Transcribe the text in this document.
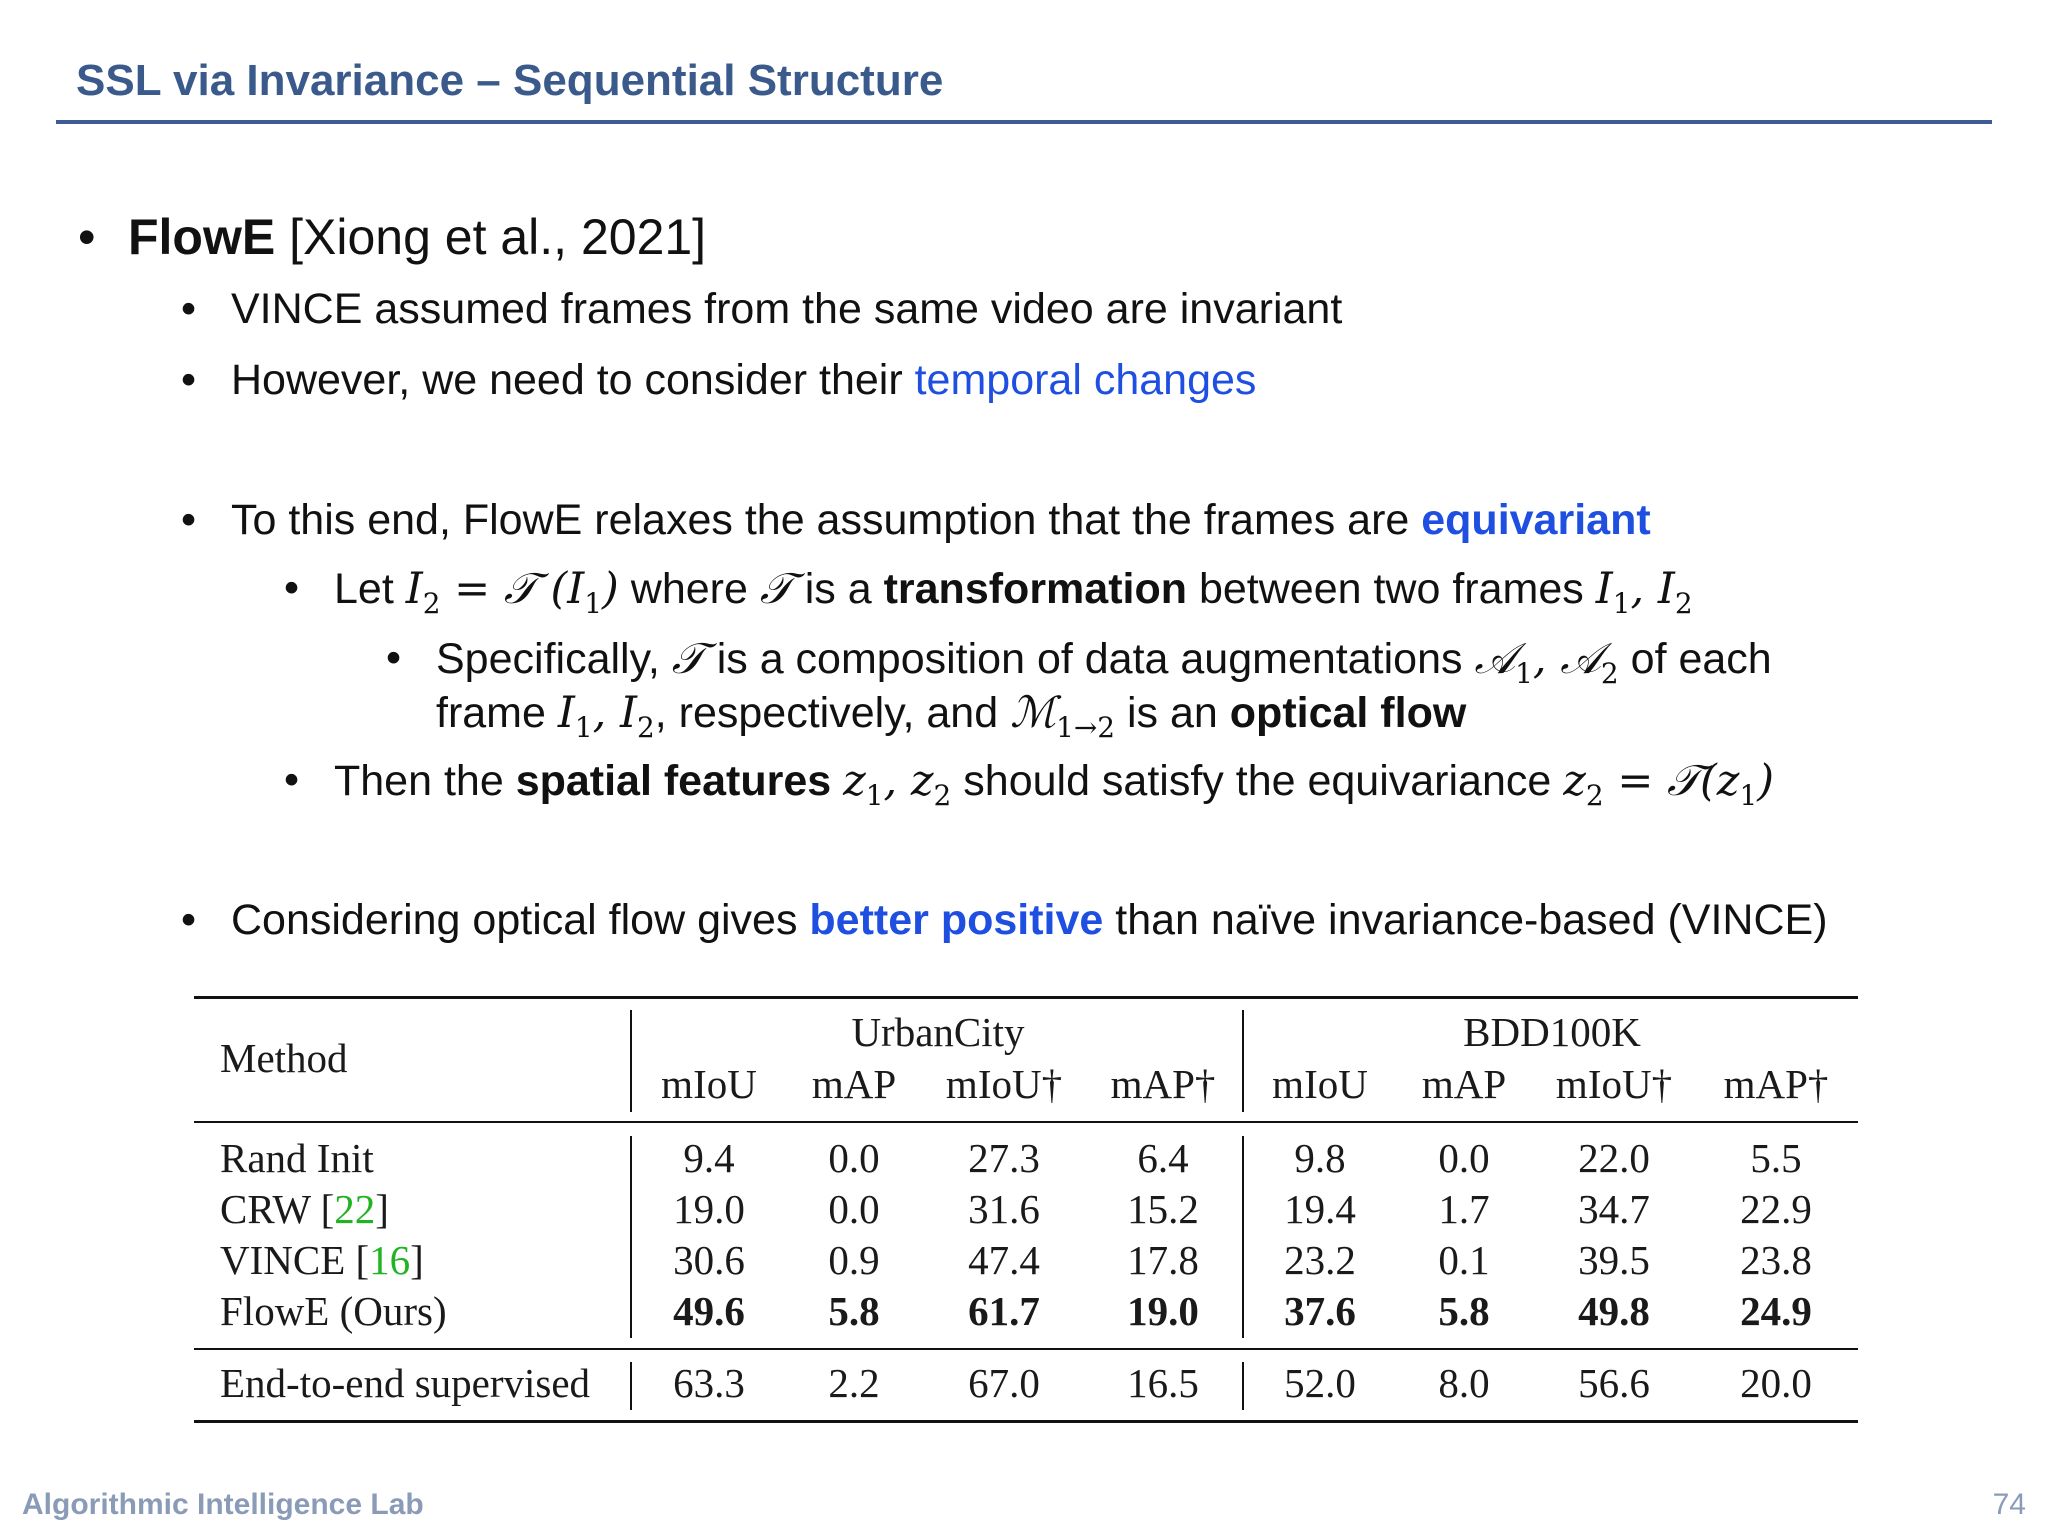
SSL via Invariance – Sequential Structure
• FlowE [Xiong et al., 2021]
• VINCE assumed frames from the same video are invariant
• However, we need to consider their temporal changes
• To this end, FlowE relaxes the assumption that the frames are equivariant
• Let $I_2$ = 𝒯 $(I_1)$ where 𝒯 is a transformation between two frames $I_1$, $I_2$
• Specifically, 𝒯 is a composition of data augmentations 𝒜$_1$, 𝒜$_2$ of each
frame $I_1$, $I_2$, respectively, and ℳ$_{1\to 2}$ is an optical flow
• Then the spatial features $z_1$, $z_2$ should satisfy the equivariance $z_2$ = $𝒯(z_1)$
• Considering optical flow gives better positive than naïve invariance-based (VINCE)
Method
UrbanCity	BDD100K
mIoU	mAP	mIoU†	mAP†	mIoU	mAP	mIoU†	mAP†
Rand Init	9.4	0.0	27.3	6.4	9.8	0.0	22.0	5.5
CRW [22]	19.0	0.0	31.6	15.2	19.4	1.7	34.7	22.9
VINCE [16]	30.6	0.9	47.4	17.8	23.2	0.1	39.5	23.8
FlowE (Ours)	49.6	5.8	61.7	19.0	37.6	5.8	49.8	24.9
End-to-end supervised	63.3	2.2	67.0	16.5	52.0	8.0	56.6	20.0
Algorithmic Intelligence Lab	74
